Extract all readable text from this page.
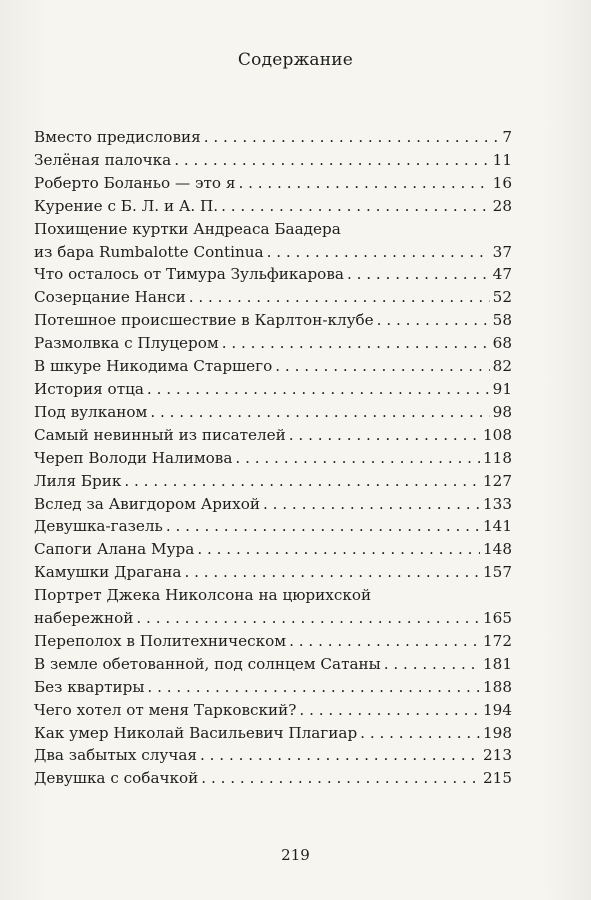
Содержание
Вместо предисловия . . .	7
Зелёная палочка . . .	11
Роберто Боланьо — это я . . .	16
Курение с Б. Л. и А. П. . . .	28
Похищение куртки Андреаса Баадера
из бара Rumbalotte Continua . . .	37
Что осталось от Тимура Зульфикарова . . .	47
Созерцание Нанси . . .	52
Потешное происшествие в Карлтон-клубе . . .	58
Размолвка с Плуцером . . .	68
В шкуре Никодима Старшего . . .	82
История отца . . .	91
Под вулканом . . .	98
Самый невинный из писателей . . .	108
Череп Володи Налимова . . .	118
Лиля Брик . . .	127
Вслед за Авигдором Арихой . . .	133
Девушка-газель . . .	141
Сапоги Алана Мура . . .	148
Камушки Драгана . . .	157
Портрет Джека Николсона на цюрихской
набережной . . .	165
Переполох в Политехническом . . .	172
В земле обетованной, под солнцем Сатаны . . .	181
Без квартиры . . .	188
Чего хотел от меня Тарковский? . . .	194
Как умер Николай Васильевич Плагиар . . .	198
Два забытых случая . . .	213
Девушка с собачкой . . .	215
219
